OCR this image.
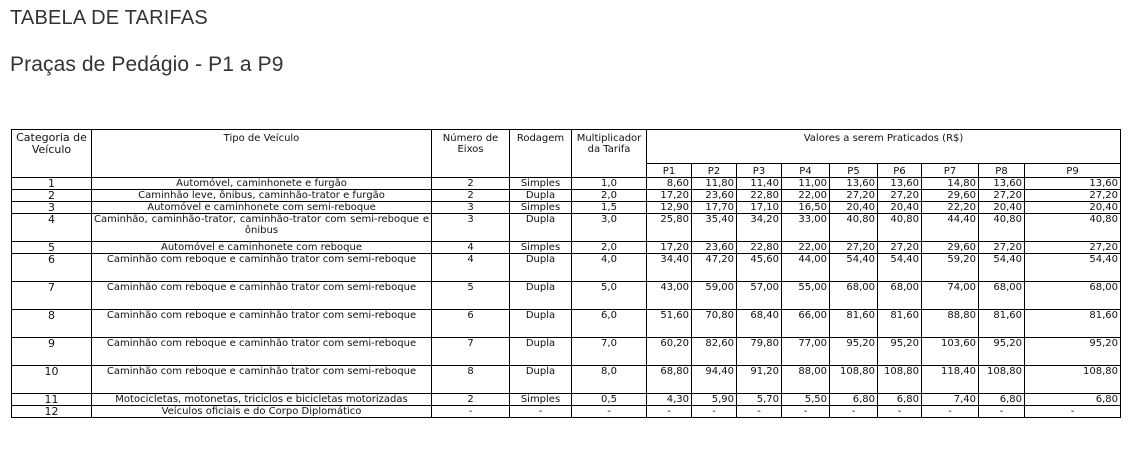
TABELA DE TARIFAS
Praças de Pedágio - P1 a P9
Categoria de Veículo	Tipo de Veículo	Número de Eixos	Rodagem	Multiplicador da Tarifa	Valores a serem Praticados (R$)								
					P1	P2	P3	P4	P5	P6	P7	P8	P9
1	Automóvel, caminhonete e furgão	2	Simples	1,0	8,60	11,80	11,40	11,00	13,60	13,60	14,80	13,60	13,60
2	Caminhão leve, ônibus, caminhão-trator e furgão	2	Dupla	2,0	17,20	23,60	22,80	22,00	27,20	27,20	29,60	27,20	27,20
3	Automóvel e caminhonete com semi-reboque	3	Simples	1,5	12,90	17,70	17,10	16,50	20,40	20,40	22,20	20,40	20,40
4	Caminhão, caminhão-trator, caminhão-trator com semi-reboque e ônibus	3	Dupla	3,0	25,80	35,40	34,20	33,00	40,80	40,80	44,40	40,80	40,80
5	Automóvel e caminhonete com reboque	4	Simples	2,0	17,20	23,60	22,80	22,00	27,20	27,20	29,60	27,20	27,20
6	Caminhão com reboque e caminhão trator com semi-reboque	4	Dupla	4,0	34,40	47,20	45,60	44,00	54,40	54,40	59,20	54,40	54,40
7	Caminhão com reboque e caminhão trator com semi-reboque	5	Dupla	5,0	43,00	59,00	57,00	55,00	68,00	68,00	74,00	68,00	68,00
8	Caminhão com reboque e caminhão trator com semi-reboque	6	Dupla	6,0	51,60	70,80	68,40	66,00	81,60	81,60	88,80	81,60	81,60
9	Caminhão com reboque e caminhão trator com semi-reboque	7	Dupla	7,0	60,20	82,60	79,80	77,00	95,20	95,20	103,60	95,20	95,20
10	Caminhão com reboque e caminhão trator com semi-reboque	8	Dupla	8,0	68,80	94,40	91,20	88,00	108,80	108,80	118,40	108,80	108,80
11	Motocicletas, motonetas, triciclos e bicicletas motorizadas	2	Simples	0,5	4,30	5,90	5,70	5,50	6,80	6,80	7,40	6,80	6,80
12	Veículos oficiais e do Corpo Diplomático	-	-	-	-	-	-	-	-	-	-	-	-
